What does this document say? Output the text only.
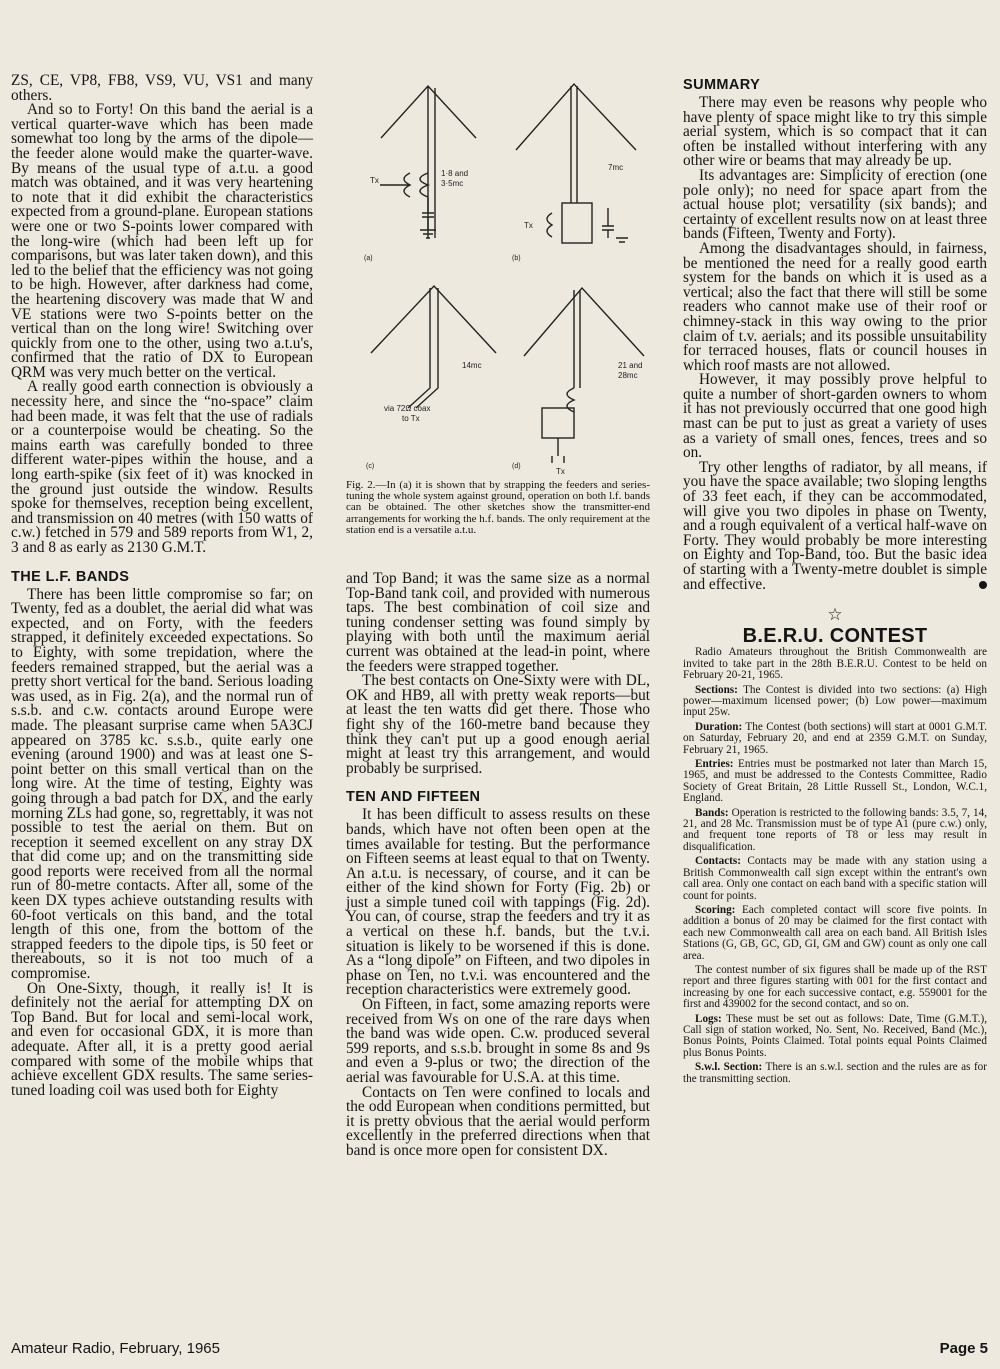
ZS, CE, VP8, FB8, VS9, VU, VS1 and many others.

And so to Forty! On this band the aerial is a vertical quarter-wave which has been made somewhat too long by the arms of the dipole—the feeder alone would make the quarter-wave. By means of the usual type of a.t.u. a good match was obtained, and it was very heartening to note that it did exhibit the characteristics expected from a ground-plane. European stations were one or two S-points lower compared with the long-wire (which had been left up for comparisons, but was later taken down), and this led to the belief that the efficiency was not going to be high. However, after darkness had come, the heartening discovery was made that W and VE stations were two S-points better on the vertical than on the long wire! Switching over quickly from one to the other, using two a.t.u's, confirmed that the ratio of DX to European QRM was very much better on the vertical.

A really good earth connection is obviously a necessity here, and since the “no-space” claim had been made, it was felt that the use of radials or a counterpoise would be cheating. So the mains earth was carefully bonded to three different water-pipes within the house, and a long earth-spike (six feet of it) was knocked in the ground just outside the window. Results spoke for themselves, reception being excellent, and transmission on 40 metres (with 150 watts of c.w.) fetched in 579 and 589 reports from W1, 2, 3 and 8 as early as 2130 G.M.T.

THE L.F. BANDS

There has been little compromise so far; on Twenty, fed as a doublet, the aerial did what was expected, and on Forty, with the feeders strapped, it definitely exceeded expectations. So to Eighty, with some trepidation, where the feeders remained strapped, but the aerial was a pretty short vertical for the band. Serious loading was used, as in Fig. 2(a), and the normal run of s.s.b. and c.w. contacts around Europe were made. The pleasant surprise came when 5A3CJ appeared on 3785 kc. s.s.b., quite early one evening (around 1900) and was at least one S-point better on this small vertical than on the long wire. At the time of testing, Eighty was going through a bad patch for DX, and the early morning ZLs had gone, so, regrettably, it was not possible to test the aerial on them. But on reception it seemed excellent on any stray DX that did come up; and on the transmitting side good reports were received from all the normal run of 80-metre contacts. After all, some of the keen DX types achieve outstanding results with 60-foot verticals on this band, and the total length of this one, from the bottom of the strapped feeders to the dipole tips, is 50 feet or thereabouts, so it is not too much of a compromise.

On One-Sixty, though, it really is! It is definitely not the aerial for attempting DX on Top Band. But for local and semi-local work, and even for occasional GDX, it is more than adequate. After all, it is a pretty good aerial compared with some of the mobile whips that achieve excellent GDX results. The same series-tuned loading coil was used both for Eighty

1·8 and
3·5mc
Tx
(a)
7mc
Tx
(b)
14mc
via 72Ω coax
to Tx
(c)
21 and
28mc
Tx
(d)
Fig. 2.—In (a) it is shown that by strapping the feeders and series-tuning the whole system against ground, operation on both l.f. bands can be obtained. The other sketches show the transmitter-end arrangements for working the h.f. bands. The only requirement at the station end is a versatile a.t.u.

and Top Band; it was the same size as a normal Top-Band tank coil, and provided with numerous taps. The best combination of coil size and tuning condenser setting was found simply by playing with both until the maximum aerial current was obtained at the lead-in point, where the feeders were strapped together.

The best contacts on One-Sixty were with DL, OK and HB9, all with pretty weak reports—but at least the ten watts did get there. Those who fight shy of the 160-metre band because they think they can't put up a good enough aerial might at least try this arrangement, and would probably be surprised.

TEN AND FIFTEEN

It has been difficult to assess results on these bands, which have not often been open at the times available for testing. But the performance on Fifteen seems at least equal to that on Twenty. An a.t.u. is necessary, of course, and it can be either of the kind shown for Forty (Fig. 2b) or just a simple tuned coil with tappings (Fig. 2d). You can, of course, strap the feeders and try it as a vertical on these h.f. bands, but the t.v.i. situation is likely to be worsened if this is done. As a “long dipole” on Fifteen, and two dipoles in phase on Ten, no t.v.i. was encountered and the reception characteristics were extremely good.

On Fifteen, in fact, some amazing reports were received from Ws on one of the rare days when the band was wide open. C.w. produced several 599 reports, and s.s.b. brought in some 8s and 9s and even a 9-plus or two; the direction of the aerial was favourable for U.S.A. at this time.

Contacts on Ten were confined to locals and the odd European when conditions permitted, but it is pretty obvious that the aerial would perform excellently in the preferred directions when that band is once more open for consistent DX.

SUMMARY

There may even be reasons why people who have plenty of space might like to try this simple aerial system, which is so compact that it can often be installed without interfering with any other wire or beams that may already be up.

Its advantages are: Simplicity of erection (one pole only); no need for space apart from the actual house plot; versatility (six bands); and certainty of excellent results now on at least three bands (Fifteen, Twenty and Forty).

Among the disadvantages should, in fairness, be mentioned the need for a really good earth system for the bands on which it is used as a vertical; also the fact that there will still be some readers who cannot make use of their roof or chimney-stack in this way owing to the prior claim of t.v. aerials; and its possible unsuitability for terraced houses, flats or council houses in which roof masts are not allowed.

However, it may possibly prove helpful to quite a number of short-garden owners to whom it has not previously occurred that one good high mast can be put to just as great a variety of uses as a variety of small ones, fences, trees and so on.

Try other lengths of radiator, by all means, if you have the space available; two sloping lengths of 33 feet each, if they can be accommodated, will give you two dipoles in phase on Twenty, and a rough equivalent of a vertical half-wave on Forty. They would probably be more interesting on Eighty and Top-Band, too. But the basic idea of starting with a Twenty-metre doublet is simple and effective.

☆
B.E.R.U. CONTEST

Radio Amateurs throughout the British Commonwealth are invited to take part in the 28th B.E.R.U. Contest to be held on February 20-21, 1965.

Sections: The Contest is divided into two sections: (a) High power—maximum licensed power; (b) Low power—maximum input 25w.

Duration: The Contest (both sections) will start at 0001 G.M.T. on Saturday, February 20, and end at 2359 G.M.T. on Sunday, February 21, 1965.

Entries: Entries must be postmarked not later than March 15, 1965, and must be addressed to the Contests Committee, Radio Society of Great Britain, 28 Little Russell St., London, W.C.1, England.

Bands: Operation is restricted to the following bands: 3.5, 7, 14, 21, and 28 Mc. Transmission must be of type A1 (pure c.w.) only, and frequent tone reports of T8 or less may result in disqualification.

Contacts: Contacts may be made with any station using a British Commonwealth call sign except within the entrant's own call area. Only one contact on each band with a specific station will count for points.

Scoring: Each completed contact will score five points. In addition a bonus of 20 may be claimed for the first contact with each new Commonwealth call area on each band. All British Isles Stations (G, GB, GC, GD, GI, GM and GW) count as only one call area.

The contest number of six figures shall be made up of the RST report and three figures starting with 001 for the first contact and increasing by one for each successive contact, e.g. 559001 for the first and 439002 for the second contact, and so on.

Logs: These must be set out as follows: Date, Time (G.M.T.), Call sign of station worked, No. Sent, No. Received, Band (Mc.), Bonus Points, Points Claimed. Total points equal Points Claimed plus Bonus Points.

S.w.l. Section: There is an s.w.l. section and the rules are as for the transmitting section.

Amateur Radio, February, 1965	Page 5
